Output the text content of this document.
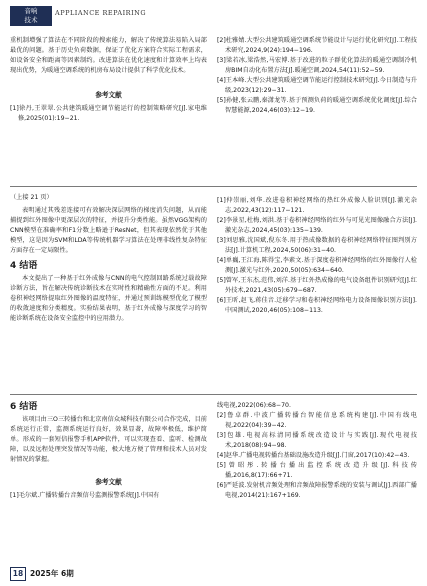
音响
技术
APPLIANCE REPAIRING

重机制增强了算法在不同阶段的搜索能力，解决了传统算法易陷入局部最优的问题。基于历史负荷数据，保证了优化方案符合实际工程需求，如设备安全和距离等因素制约。改进算法在优化速度和计算效率上均表现出优势，为暖通空调系统的机房布局设计提供了科学优化技术。

参考文献

[1]徐丹,王翠翠.公共建筑暖通空调节能运行的控制策略研究[J].家电维修,2025(01):19−21.

[2]杜雅婧.大型公共建筑暖通空调系统节能设计与运行优化研究[J].工程技术研究,2024,9(24):194−196.

[3]梁若冰,梁浩然,马宏博.基于改进的粒子群优化算法的暖通空调制冷机房BIM自动化布置方法[J].暖通空调,2024,54(11):52−59.

[4]王本峰.大型公共建筑暖通空调节能运行控制技术研究[J].今日制造与升级,2023(12):29−31.

[5]孙健,张云鹏,秦潇龙等.基于预测负荷的暖通空调系统优化调度[J].综合智慧能源,2024,46(03):12−19.

（上接 21 页）

表明通过其残差连接可有效解决深层网络的梯度消失问题，从而能捕捉到红外图像中更深层次的特征，并提升分类性能。虽然VGG架构的CNN模型在准确率和F1分数上略逊于ResNet，但其表现依然优于其他模型，这是因为SVM和LDA等传统机器学习算法在处理非线性复杂特征方面存在一定局限性。

4 结语

本文提出了一种基于红外成像与CNN的电气控制回路系统过载故障诊断方法，旨在解决传统诊断技术在实时性和精确性方面的不足。利用卷积神经网络提取红外图像的温度特征，并通过预训练模型优化了模型的收敛速度和分类精度。实验结果表明，基于红外成像与深度学习的智能诊断系统在设备安全监控中的应用潜力。

[1]仲崇丽,刘华.改进卷积神经网络的热红外成像人脸识别[J].激光杂志,2022,43(12):117−121.

[2]李景星,杜梅,刘洪.基于卷积神经网络的红外与可见光图像融合方法[J].激光杂志,2024,45(03):135−139.

[3]刘思雅,沈国斌,倪东冬.用于热成像数据的卷积神经网络特征图判别方法[J].计算机工程,2024,50(06):31−40.

[4]单巍,王江海,陈得宝,李素文.基于深度卷积神经网络的红外图像行人检测[J].激光与红外,2020,50(05):634−640.

[5]曾军,王东杰,范伟,刘洋.基于红外热成像的电气设备组件识别研究[J].红外技术,2021,43(05):679−687.

[6]王昕,赵飞,蒋佳音.迁移学习和卷积神经网络电力设备图像识别方法[J].中国测试,2020,46(05):108−113.

6 结语

该项目由三O三转播台和北京南信众城科技有限公司合作完成，目前系统运行正常，监测系统运行良好，效果显著，故障率极低，维护简单。形成的一套短信报警手机APP软件，可以实现查看、监听、检测故障，以及远程处理突发情况等功能，极大地方便了管理和技术人员对发射情况的掌握。

参考文献

[1]毛尔斌.广播转播台音频信号监测报警系统[J].中国有

线电视,2022(06):68−70.

[2]鲁卓群.中波广播转播台智能信息系统构建[J].中国有线电视,2022(04):39−42.

[3]包雄.电视高标清同播系统改造设计与实践[J].现代电视技术,2018(08):94−98.

[4]赵华.广播电视转播台基础设施改造升级[J].门窗,2017(10):42−43.

[5]曾昭彤.转播台播出监控系统改造升级[J].科技传播,2016,8(17):66+71.

[6]严延波.发射机音频处理和音频故障报警系统的安装与调试[J].西部广播电视,2014(21):167+169.

18 2025年 6期
